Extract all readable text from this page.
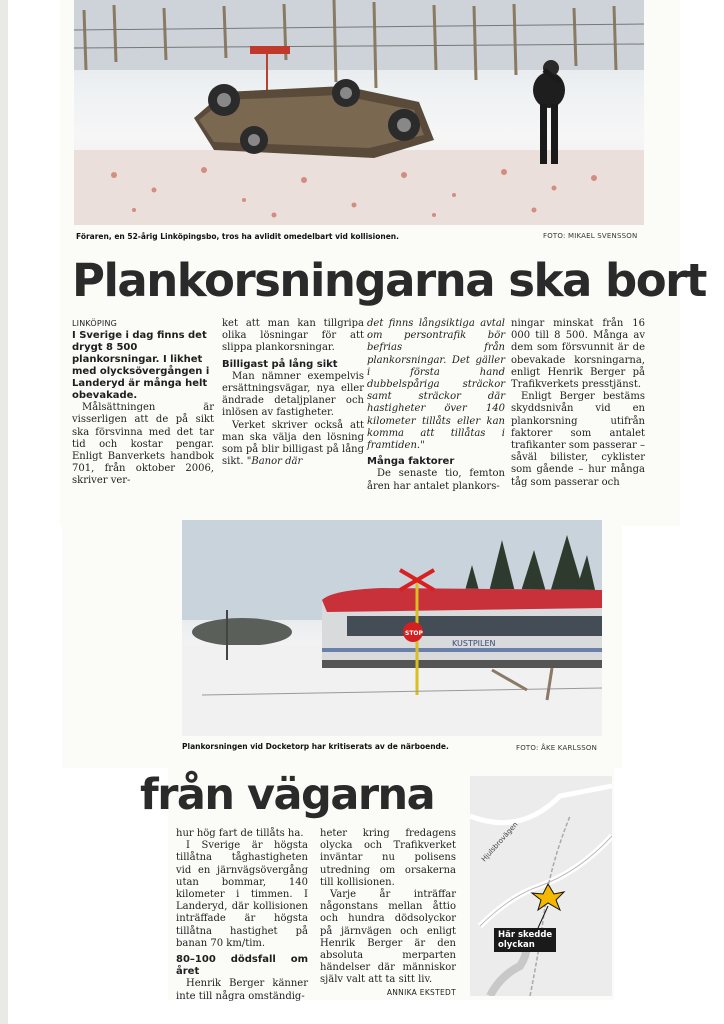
Föraren, en 52-årig Linköpingsbo, tros ha avlidit omedelbart vid kollisionen.	FOTO: MIKAEL SVENSSON
Plankorsningarna ska bort
LINKÖPING
I Sverige i dag finns det drygt 8 500 plankorsningar. I likhet med olycksövergången i Landeryd är många helt obevakade.

Målsättningen är visserligen att de på sikt ska försvinna med det tar tid och kostar pengar. Enligt Banverkets handbok 701, från oktober 2006, skriver ver-

ket att man kan tillgripa olika lösningar för att slippa plankorsningar.

Billigast på lång sikt

Man nämner exempelvis ersättningsvägar, nya eller ändrade detaljplaner och inlösen av fastigheter.

Verket skriver också att man ska välja den lösning som på blir billigast på lång sikt. "Banor där

det finns långsiktiga avtal om persontrafik bör befrias från plankorsningar. Det gäller i första hand dubbelspåriga sträckor samt sträckor där hastigheter över 140 kilometer tillåts eller kan komma att tillåtas i framtiden."

Många faktorer

De senaste tio, femton åren har antalet plankors-

ningar minskat från 16 000 till 8 500. Många av dem som försvunnit är de obevakade korsningarna, enligt Henrik Berger på Trafikverkets presstjänst.

Enligt Berger bestäms skyddsnivån vid en plankorsning utifrån faktorer som antalet trafikanter som passerar – såväl bilister, cyklister som gående – hur många tåg som passerar och

KUSTPILEN
STOP
Plankorsningen vid Docketorp har kritiserats av de närboende.	FOTO: ÅKE KARLSSON
från vägarna

hur hög fart de tillåts ha.

I Sverige är högsta tillåtna tåghastigheten vid en järnvägsövergång utan bommar, 140 kilometer i timmen. I Landeryd, där kollisionen inträffade är högsta tillåtna hastighet på banan 70 km/tim.

80–100 dödsfall om året

Henrik Berger känner inte till några omständig-

heter kring fredagens olycka och Trafikverket inväntar nu polisens utredning om orsakerna till kollisionen.

Varje år inträffar någonstans mellan åttio och hundra dödsolyckor på järnvägen och enligt Henrik Berger är den absoluta merparten händelser där människor själv valt att ta sitt liv.

ANNIKA EKSTEDT
Hjulsbrovägen
Här skedde
olyckan
